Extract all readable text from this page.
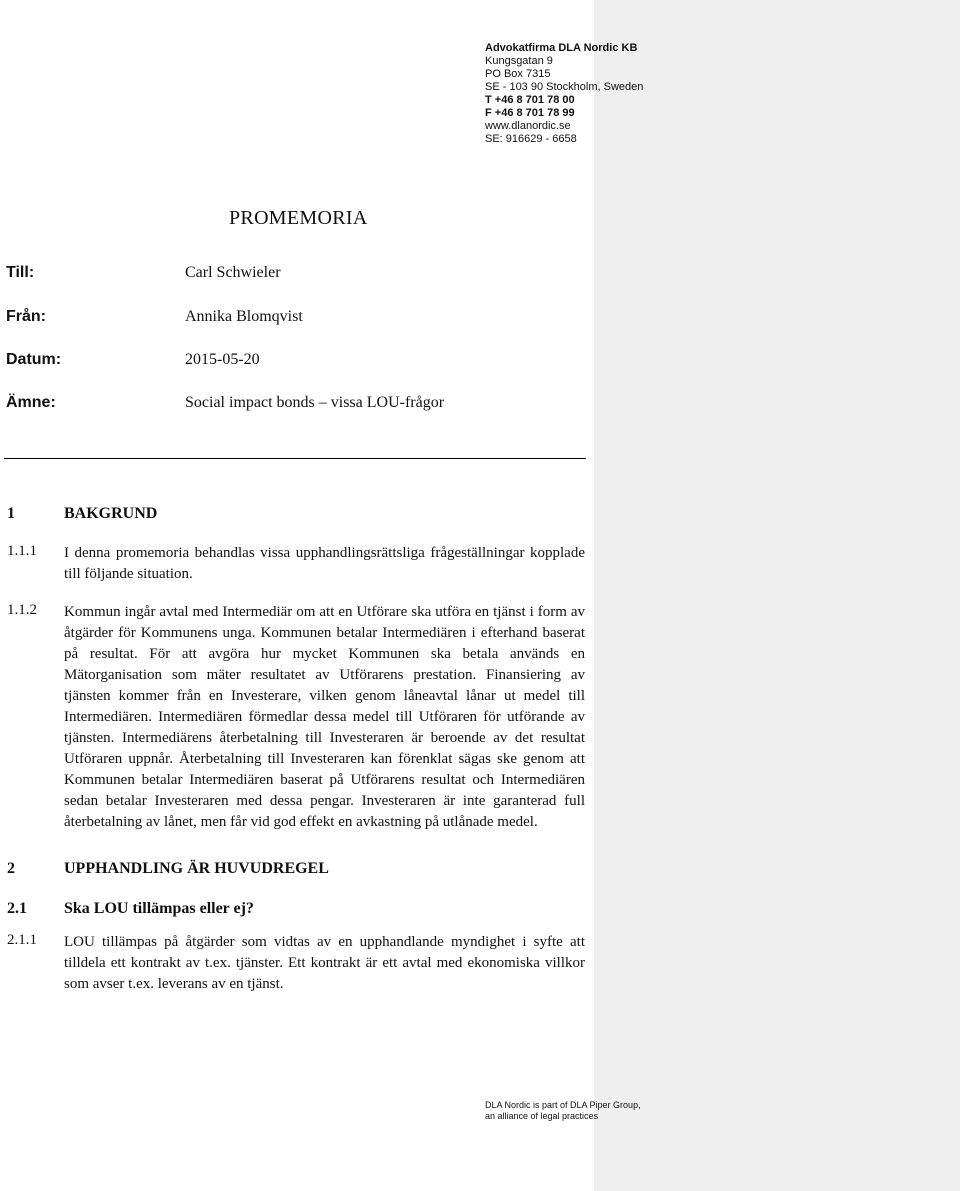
Advokatfirma DLA Nordic KB
Kungsgatan 9
PO Box 7315
SE - 103 90 Stockholm, Sweden
T +46 8 701 78 00
F +46 8 701 78 99
www.dlanordic.se
SE: 916629 - 6658
PROMEMORIA
Till:	Carl Schwieler
Från:	Annika Blomqvist
Datum:	2015-05-20
Ämne:	Social impact bonds – vissa LOU-frågor
1	BAKGRUND
1.1.1 I denna promemoria behandlas vissa upphandlingsrättsliga frågeställningar kopplade till följande situation.
1.1.2 Kommun ingår avtal med Intermediär om att en Utförare ska utföra en tjänst i form av åtgärder för Kommunens unga. Kommunen betalar Intermediären i efterhand baserat på resultat. För att avgöra hur mycket Kommunen ska betala används en Mätorganisation som mäter resultatet av Utförarens prestation. Finansiering av tjänsten kommer från en Investerare, vilken genom låneavtal lånar ut medel till Intermediären. Intermediären förmedlar dessa medel till Utföraren för utförande av tjänsten. Intermediärens återbetalning till Investeraren är beroende av det resultat Utföraren uppnår. Återbetalning till Investeraren kan förenklat sägas ske genom att Kommunen betalar Intermediären baserat på Utförarens resultat och Intermediären sedan betalar Investeraren med dessa pengar. Investeraren är inte garanterad full återbetalning av lånet, men får vid god effekt en avkastning på utlånade medel.
2	UPPHANDLING ÄR HUVUDREGEL
2.1 Ska LOU tillämpas eller ej?
2.1.1 LOU tillämpas på åtgärder som vidtas av en upphandlande myndighet i syfte att tilldela ett kontrakt av t.ex. tjänster. Ett kontrakt är ett avtal med ekonomiska villkor som avser t.ex. leverans av en tjänst.
DLA Nordic is part of DLA Piper Group,
an alliance of legal practices
